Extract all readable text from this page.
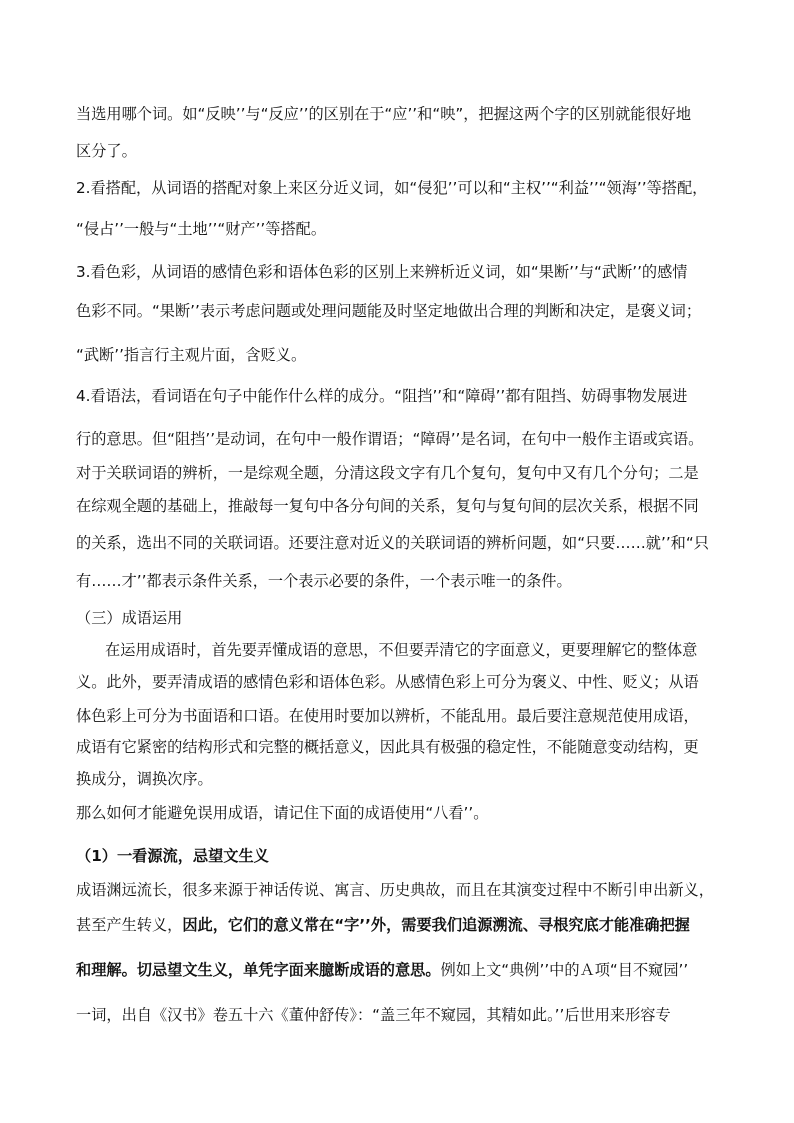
当选用哪个词。如“反映’’与“反应’’的区别在于“应’’和“映”，把握这两个字的区别就能很好地
区分了。
2.看搭配，从词语的搭配对象上来区分近义词，如“侵犯’’可以和“主权’’“利益’’“领海’’等搭配，
“侵占’’一般与“土地’’“财产’’等搭配。
3.看色彩，从词语的感情色彩和语体色彩的区别上来辨析近义词，如“果断’’与“武断’’的感情
色彩不同。“果断’’表示考虑问题或处理问题能及时坚定地做出合理的判断和决定，是褒义词；
“武断’’指言行主观片面，含贬义。
4.看语法，看词语在句子中能作什么样的成分。“阻挡’’和“障碍’’都有阻挡、妨碍事物发展进
行的意思。但“阻挡’’是动词，在句中一般作谓语；“障碍’’是名词，在句中一般作主语或宾语。
对于关联词语的辨析，一是综观全题，分清这段文字有几个复句，复句中又有几个分句；二是
在综观全题的基础上，推敲每一复句中各分句间的关系，复句与复句间的层次关系，根据不同
的关系，选出不同的关联词语。还要注意对近义的关联词语的辨析问题，如“只要……就’’和“只
有……才’’都表示条件关系，一个表示必要的条件，一个表示唯一的条件。
（三）成语运用
在运用成语时，首先要弄懂成语的意思，不但要弄清它的字面意义，更要理解它的整体意
义。此外，要弄清成语的感情色彩和语体色彩。从感情色彩上可分为褒义、中性、贬义；从语
体色彩上可分为书面语和口语。在使用时要加以辨析，不能乱用。最后要注意规范使用成语，
成语有它紧密的结构形式和完整的概括意义，因此具有极强的稳定性，不能随意变动结构，更
换成分，调换次序。
那么如何才能避免误用成语，请记住下面的成语使用“八看’’。
（1）一看源流，忌望文生义
成语渊远流长，很多来源于神话传说、寓言、历史典故，而且在其演变过程中不断引申出新义，
甚至产生转义，因此，它们的意义常在“字’’外，需要我们追源溯流、寻根究底才能准确把握
和理解。切忌望文生义，单凭字面来臆断成语的意思。例如上文“典例’’中的Ａ项“目不窥园’’
一词，出自《汉书》卷五十六《董仲舒传》：“盖三年不窥园，其精如此。’’后世用来形容专
